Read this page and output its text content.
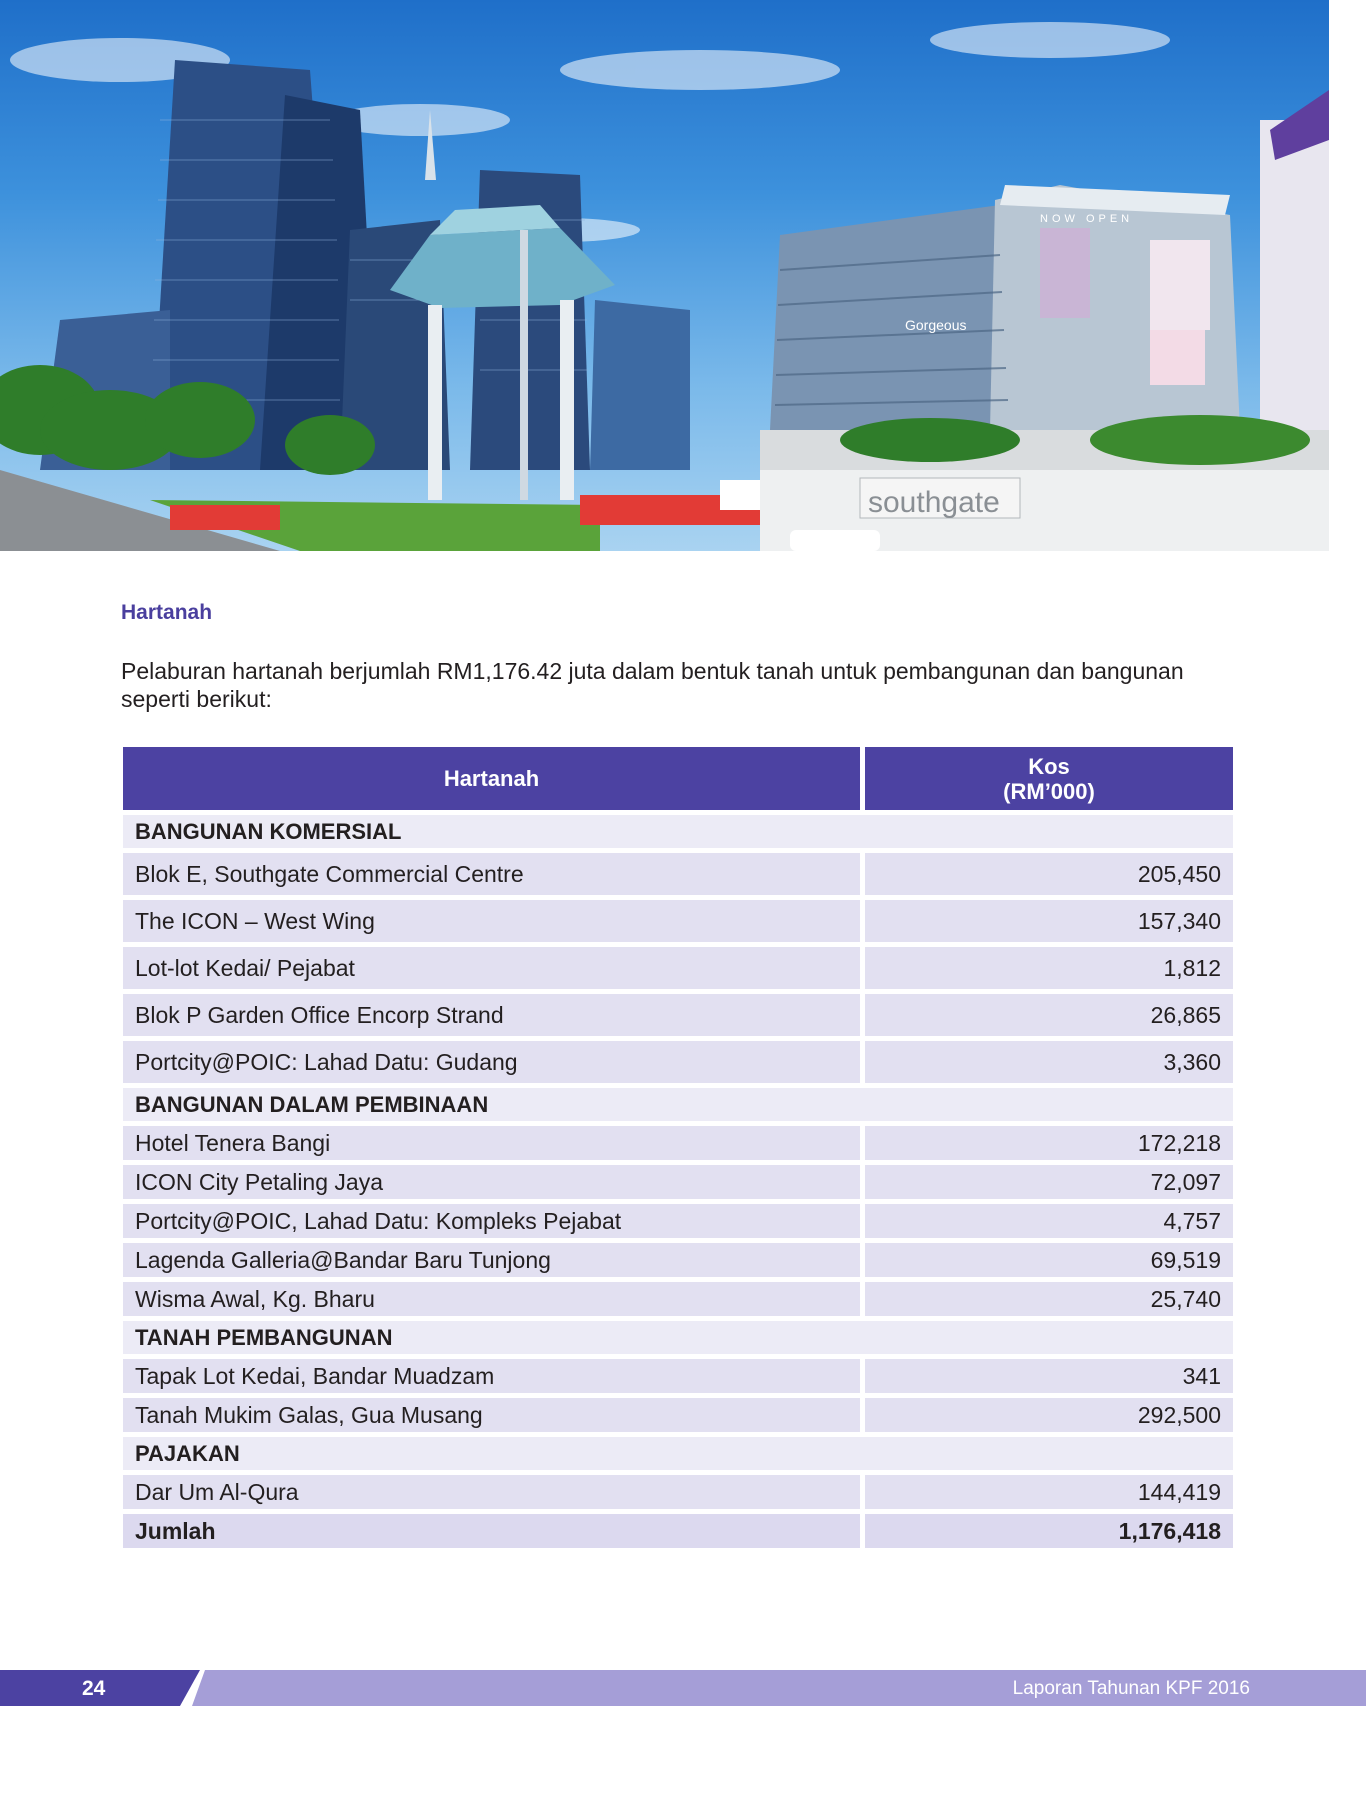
southgate
Gorgeous
NOW OPEN
Hartanah

Pelaburan hartanah berjumlah RM1,176.42 juta dalam bentuk tanah untuk pembangunan dan bangunan seperti berikut:

Hartanah	Kos
(RM’000)

BANGUNAN KOMERSIAL	
Blok E, Southgate Commercial Centre	205,450
The ICON – West Wing	157,340
Lot-lot Kedai/ Pejabat	1,812
Blok P Garden Office Encorp Strand	26,865
Portcity@POIC: Lahad Datu: Gudang	3,360
BANGUNAN DALAM PEMBINAAN	
Hotel Tenera Bangi	172,218
ICON City Petaling Jaya	72,097
Portcity@POIC, Lahad Datu: Kompleks Pejabat	4,757
Lagenda Galleria@Bandar Baru Tunjong	69,519
Wisma Awal, Kg. Bharu	25,740
TANAH PEMBANGUNAN	
Tapak Lot Kedai, Bandar Muadzam	341
Tanah Mukim Galas, Gua Musang	292,500
PAJAKAN	
Dar Um Al-Qura	144,419
Jumlah	1,176,418
24	Laporan Tahunan KPF 2016
